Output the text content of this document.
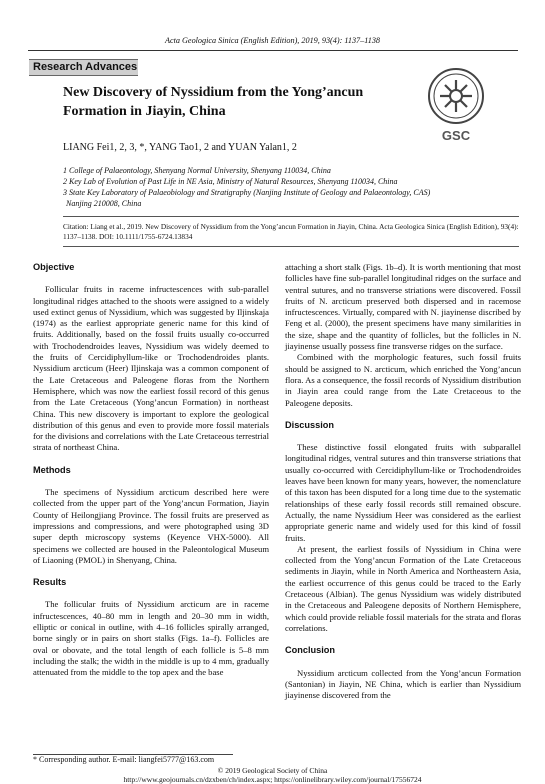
Acta Geologica Sinica (English Edition), 2019, 93(4): 1137–1138
Research Advances
New Discovery of Nyssidium from the Yong’ancun Formation in Jiayin, China
LIANG Fei1, 2, 3, *, YANG Tao1, 2 and YUAN Yalan1, 2
GSC
1 College of Palaeontology, Shenyang Normal University, Shenyang 110034, China
2 Key Lab of Evolution of Past Life in NE Asia, Ministry of Natural Resources, Shenyang 110034, China
3 State Key Laboratory of Palaeobiology and Stratigraphy (Nanjing Institute of Geology and Palaeontology, CAS)
Nanjing 210008, China
Citation: Liang et al., 2019. New Discovery of Nyssidium from the Yong’ancun Formation in Jiayin, China. Acta Geologica Sinica (English Edition), 93(4): 1137–1138. DOI: 10.1111/1755-6724.13834
Objective

Follicular fruits in raceme infructescences with sub-parallel longitudinal ridges attached to the shoots were assigned to a widely used extinct genus of Nyssidium, which was suggested by Iljinskaja (1974) as the earliest appropriate generic name for this kind of fruits. Additionally, based on the fossil fruits usually co-occurred with Trochodendroides leaves, Nyssidium was widely deemed to the fruits of Cercidiphyllum-like or Trochodendroides plants. Nyssidium arcticum (Heer) Iljinskaja was a common component of the Late Cretaceous and Paleogene floras from the Northern Hemisphere, which was now the earliest fossil record of this genus from the Late Cretaceous (Yong’ancun Formation) in northeast China. This new discovery is important to explore the geological distribution of this genus and even to provide more fossil materials for the divisions and correlations with the Late Cretaceous terrestrial strata of northeast China.

Methods

The specimens of Nyssidium arcticum described here were collected from the upper part of the Yong’ancun Formation, Jiayin County of Heilongjiang Province. The fossil fruits are preserved as impressions and compressions, and were photographed using 3D super depth microscopy systems (Keyence VHX-5000). All specimens we collected are housed in the Paleontological Museum of Liaoning (PMOL) in Shenyang, China.

Results

The follicular fruits of Nyssidium arcticum are in raceme infructescences, 40–80 mm in length and 20–30 mm in width, elliptic or conical in outline, with 4–16 follicles spirally arranged, borne singly or in pairs on short stalks (Figs. 1a–f). Follicles are oval or obovate, and the total length of each follicle is 5–8 mm including the stalk; the width in the middle is up to 4 mm, gradually attenuated from the middle to the top apex and the base

attaching a short stalk (Figs. 1b–d). It is worth mentioning that most follicles have fine sub-parallel longitudinal ridges on the surface and ventral sutures, and no transverse striations were discovered. Fossil fruits of N. arcticum preserved both dispersed and in racemose infructescences. Virtually, compared with N. jiayinense discribed by Feng et al. (2000), the present specimens have many similarities in the size, shape and the quantity of follicles, but the follicles in N. jiayinense usually possess fine transverse ridges on the surface.

Combined with the morphologic features, such fossil fruits should be assigned to N. arcticum, which enriched the Yong’ancun flora. As a consequence, the fossil records of Nyssidium distribution in Jiayin area could range from the Late Cretaceous to the Paleogene deposits.

Discussion

These distinctive fossil elongated fruits with subparallel longitudinal ridges, ventral sutures and thin transverse striations that usually co-occurred with Cercidiphyllum-like or Trochodendroides leaves have been known for many years, however, the nomenclature of this taxon has been disputed for a long time due to the systematic relationships of these early fossil records still remained obscure. Actually, the name Nyssidium Heer was considered as the earliest appropriate generic name and widely used for this kind of fossil fruits.

At present, the earliest fossils of Nyssidium in China were collected from the Yong’ancun Formation of the Late Cretaceous sediments in Jiayin, while in North America and Northeastern Asia, the earliest occurrence of this genus could be traced to the Early Cretaceous (Albian). The genus Nyssidium was widely distributed in the Cretaceous and Paleogene deposits of Northern Hemisphere, which could provide reliable fossil materials for the strata and floras correlations.

Conclusion

Nyssidium arcticum collected from the Yong’ancun Formation (Santonian) in Jiayin, NE China, which is earlier than Nyssidium jiayinense discovered from the

* Corresponding author. E-mail: liangfei5777@163.com
© 2019 Geological Society of China
http://www.geojournals.cn/dzxben/ch/index.aspx; https://onlinelibrary.wiley.com/journal/17556724
